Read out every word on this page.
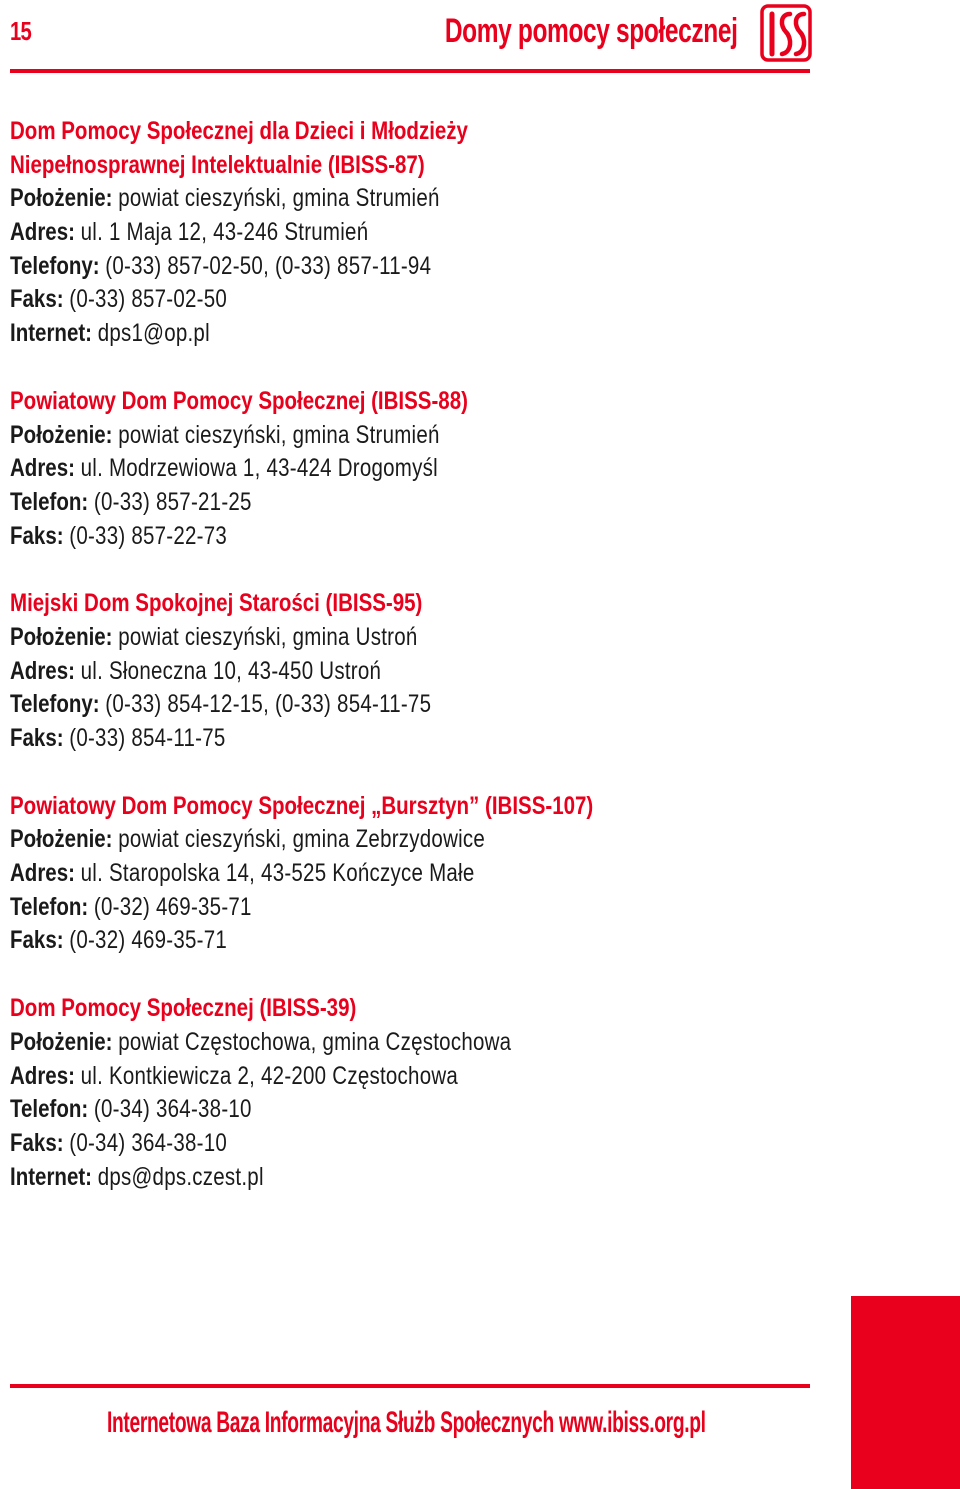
15	Domy pomocy społecznej
Dom Pomocy Społecznej dla Dzieci i Młodzieży
Niepełnosprawnej Intelektualnie (IBISS-87)
Położenie: powiat cieszyński, gmina Strumień
Adres: ul. 1 Maja 12, 43-246 Strumień
Telefony: (0-33) 857-02-50, (0-33) 857-11-94
Faks: (0-33) 857-02-50
Internet: dps1@op.pl
Powiatowy Dom Pomocy Społecznej (IBISS-88)
Położenie: powiat cieszyński, gmina Strumień
Adres: ul. Modrzewiowa 1, 43-424 Drogomyśl
Telefon: (0-33) 857-21-25
Faks: (0-33) 857-22-73
Miejski Dom Spokojnej Starości (IBISS-95)
Położenie: powiat cieszyński, gmina Ustroń
Adres: ul. Słoneczna 10, 43-450 Ustroń
Telefony: (0-33) 854-12-15, (0-33) 854-11-75
Faks: (0-33) 854-11-75
Powiatowy Dom Pomocy Społecznej „Bursztyn” (IBISS-107)
Położenie: powiat cieszyński, gmina Zebrzydowice
Adres: ul. Staropolska 14, 43-525 Kończyce Małe
Telefon: (0-32) 469-35-71
Faks: (0-32) 469-35-71
Dom Pomocy Społecznej (IBISS-39)
Położenie: powiat Częstochowa, gmina Częstochowa
Adres: ul. Kontkiewicza 2, 42-200 Częstochowa
Telefon: (0-34) 364-38-10
Faks: (0-34) 364-38-10
Internet: dps@dps.czest.pl
Internetowa Baza Informacyjna Służb Społecznych www.ibiss.org.pl
